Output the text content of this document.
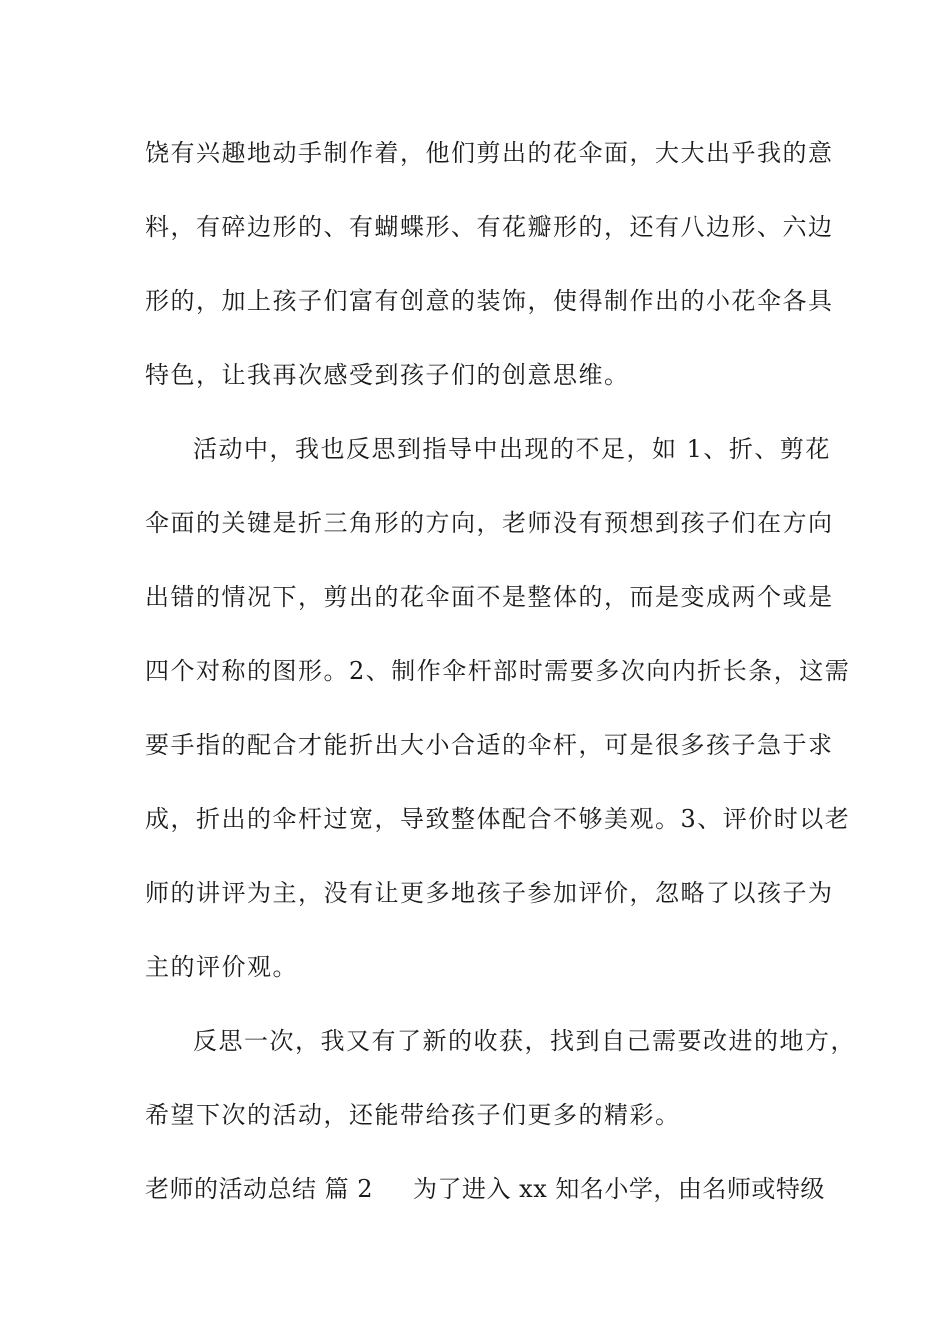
饶有兴趣地动手制作着，他们剪出的花伞面，大大出乎我的意
料，有碎边形的、有蝴蝶形、有花瓣形的，还有八边形、六边
形的，加上孩子们富有创意的装饰，使得制作出的小花伞各具
特色，让我再次感受到孩子们的创意思维。
活动中，我也反思到指导中出现的不足，如 1、折、剪花
伞面的关键是折三角形的方向，老师没有预想到孩子们在方向
出错的情况下，剪出的花伞面不是整体的，而是变成两个或是
四个对称的图形。2、制作伞杆部时需要多次向内折长条，这需
要手指的配合才能折出大小合适的伞杆，可是很多孩子急于求
成，折出的伞杆过宽，导致整体配合不够美观。3、评价时以老
师的讲评为主，没有让更多地孩子参加评价，忽略了以孩子为
主的评价观。
反思一次，我又有了新的收获，找到自己需要改进的地方，
希望下次的活动，还能带给孩子们更多的精彩。
老师的活动总结 篇 2 为了进入 xx 知名小学，由名师或特级
